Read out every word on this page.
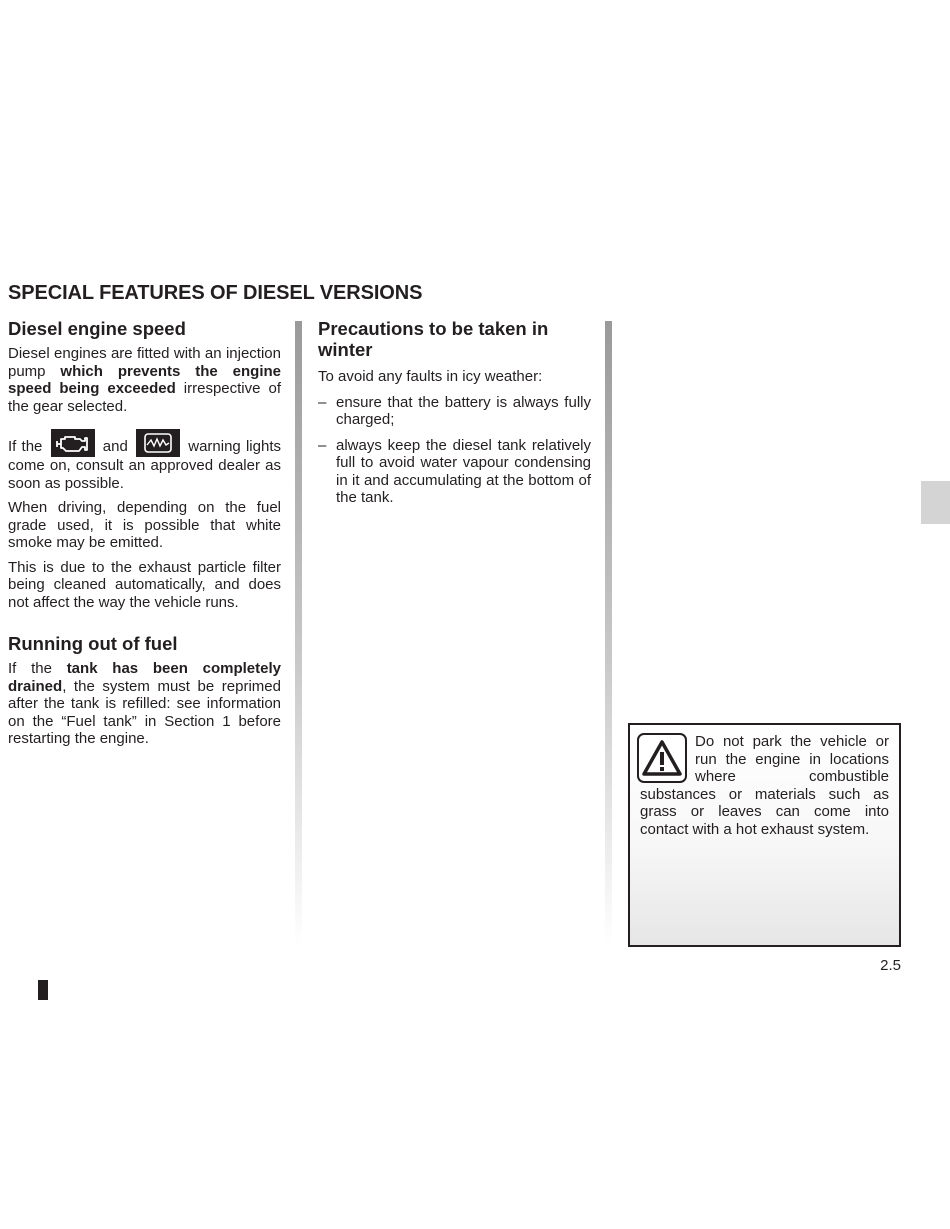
SPECIAL FEATURES OF DIESEL VERSIONS
Diesel engine speed

Diesel engines are fitted with an injection pump which prevents the engine speed being exceeded irrespective of the gear selected.

If the	and	warning lights come on, consult an approved dealer as soon as possible.

When driving, depending on the fuel grade used, it is possible that white smoke may be emitted.

This is due to the exhaust particle filter being cleaned automatically, and does not affect the way the vehicle runs.

Running out of fuel

If the tank has been completely drained, the system must be reprimed after the tank is refilled: see information on the “Fuel tank” in Section 1 before restarting the engine.

Precautions to be taken in winter

To avoid any faults in icy weather:

– ensure that the battery is always fully charged;
– always keep the diesel tank relatively full to avoid water vapour condensing in it and accumulating at the bottom of the tank.
Do not park the vehicle or run the engine in locations where combustible substances or materials such as grass or leaves can come into contact with a hot exhaust system.
2.5
